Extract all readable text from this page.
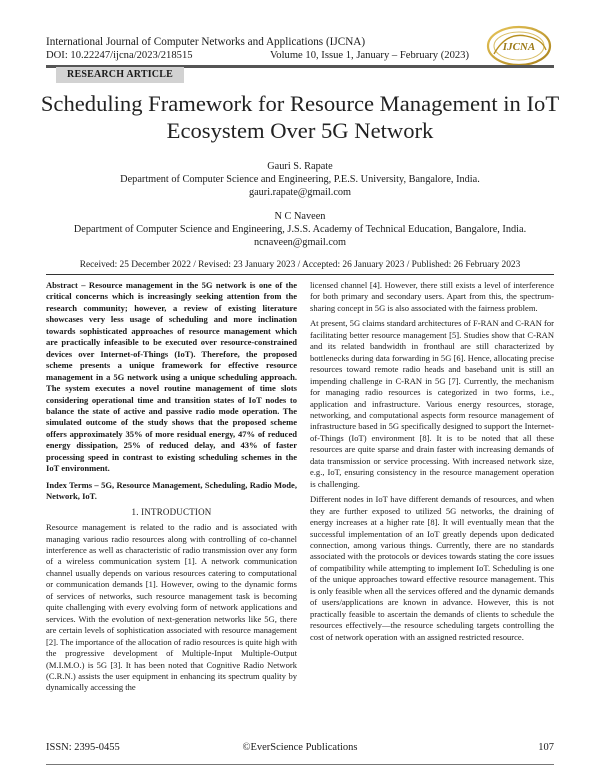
International Journal of Computer Networks and Applications (IJCNA)
DOI: 10.22247/ijcna/2023/218515	Volume 10, Issue 1, January – February (2023)
IJCNA
RESEARCH ARTICLE
Scheduling Framework for Resource Management in IoT Ecosystem Over 5G Network
Gauri S. Rapate
Department of Computer Science and Engineering, P.E.S. University, Bangalore, India.
gauri.rapate@gmail.com
N C Naveen
Department of Computer Science and Engineering, J.S.S. Academy of Technical Education, Bangalore, India.
ncnaveen@gmail.com
Received: 25 December 2022 / Revised: 23 January 2023 / Accepted: 26 January 2023 / Published: 26 February 2023

Abstract – Resource management in the 5G network is one of the critical concerns which is increasingly seeking attention from the research community; however, a review of existing literature showcases very less usage of scheduling and more inclination towards sophisticated approaches of resource management which are practically infeasible to be executed over resource-constrained devices over Internet-of-Things (IoT). Therefore, the proposed scheme presents a unique framework for effective resource management in a 5G network using a unique scheduling approach. The system executes a novel routine management of time slots considering operational time and transition states of IoT nodes to balance the state of active and passive radio mode operation. The simulated outcome of the study shows that the proposed scheme offers approximately 35% of more residual energy, 47% of reduced energy dissipation, 25% of reduced delay, and 43% of faster processing speed in contrast to existing scheduling schemes in the IoT environment.

Index Terms – 5G, Resource Management, Scheduling, Radio Mode, Network, IoT.

1. INTRODUCTION

Resource management is related to the radio and is associated with managing various radio resources along with controlling of co-channel interference as well as characteristic of radio transmission over any form of a wireless communication system [1]. A network communication channel usually depends on various resources catering to computational or communication demands [1]. However, owing to the dynamic forms of services of networks, such resource management task is becoming quite challenging with every evolving form of network applications and services. With the evolution of next-generation networks like 5G, there are certain levels of sophistication associated with resource management [2]. The importance of the allocation of radio resources is quite high with the progressive development of Multiple-Input Multiple-Output (M.I.M.O.) is 5G [3]. It has been noted that Cognitive Radio Network (C.R.N.) assists the user equipment in enhancing its spectrum quality by dynamically accessing the

licensed channel [4]. However, there still exists a level of interference for both primary and secondary users. Apart from this, the spectrum-sharing concept in 5G is also associated with the fairness problem.

At present, 5G claims standard architectures of F-RAN and C-RAN for facilitating better resource management [5]. Studies show that C-RAN and its related bandwidth in fronthaul are still characterized by bottlenecks during data forwarding in 5G [6]. Hence, allocating precise resources toward remote radio heads and baseband unit is still an impending challenge in C-RAN in 5G [7]. Currently, the mechanism for managing radio resources is categorized in two forms, i.e., application and infrastructure. Various energy resources, storage, networking, and computational aspects form resource management of infrastructure based in 5G specifically designed to support the Internet-of-Things (IoT) environment [8]. It is to be noted that all these resources are quite sparse and drain faster with increasing demands of data transmission or service processing. With increased network size, e.g., IoT, ensuring consistency in the resource management operation is challenging.

Different nodes in IoT have different demands of resources, and when they are further exposed to utilized 5G networks, the draining of energy increases at a higher rate [8]. It will eventually mean that the successful implementation of an IoT greatly depends upon dedicated connection, among various things. Currently, there are no standards associated with the protocols or devices towards stating the core issues of compatibility while attempting to implement IoT. Scheduling is one of the unique approaches toward effective resource management. This is only feasible when all the services offered and the dynamic demands of users/applications are known in advance. However, this is not practically feasible to ascertain the demands of clients to schedule the resources effectively—the resource scheduling targets controlling the cost of network operation with an assigned restricted resource.

ISSN: 2395-0455	©EverScience Publications	107
